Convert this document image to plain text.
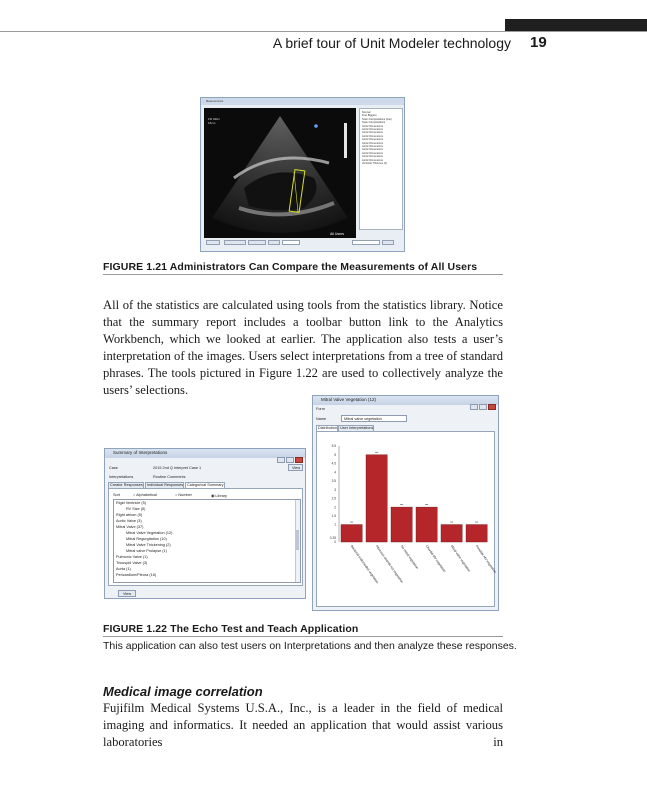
A brief tour of Unit Modeler technology 19
Measurements
FR 32Hz
16cm
All Users
Normal
Fine Biggest
Scan Interpretations (line)
Scan Interpretations
Aortic Dimensions
Aortic Dimensions
Aortic Dimensions
Aortic Dimensions
Aortic Dimensions
Aortic Dimensions
Aortic Dimensions
Aortic Dimensions
Aortic Dimensions
Aortic Dimensions
Aortic Dimensions
Ventricle Thicknes (2)
FIGURE 1.21 Administrators Can Compare the Measurements of All Users
All of the statistics are calculated using tools from the statistics library. Notice that the summary report includes a toolbar button link to the Analytics Workbench, which we looked at earlier. The application also tests a user’s interpretation of the images. Users select interpretations from a tree of standard phrases. The tools pictured in Figure 1.22 are used to collectively analyze the users’ selections.
Mitral Valve Vegetation (12)
Form
Name	Mitral valve vegetation
Distribution User Interpretations
0
0.25
1
1.5
2
2.5
3
3.5
4
4.5
5
5.5
Bacterial endocarditis vegetation
Fibrinous strands not vegetation
No mitral vegetation Chordal MV vegetation Mitral valve vegetation Possible MV vegetation
Summary of Interpretations
Case	2015 2nd Q Interpret Case 1	View
Interpretations	Routine Comments
Creator Responses Individual Responses Categorical Summary
Sort	○ Alphabetical	○ Number	◉ Library
Rigid Ventricle (5)
RV Size (5)
Right atrium (5)
Aortic Valve (3)
Mitral Valve (37)
Mitral Valve Vegetation (12)
Mitral Regurgitation (10)
Mitral Valve Thickening (2)
Mitral valve Prolapse (1)
Pulmonic Valve (1)
Tricuspid Valve (3)
Aorta (1)
Pericardium/Pleura (16)
View
FIGURE 1.22 The Echo Test and Teach Application
This application can also test users on Interpretations and then analyze these responses.
Medical image correlation
Fujifilm Medical Systems U.S.A., Inc., is a leader in the field of medical imaging and informatics. It needed an application that would assist various laboratories in
